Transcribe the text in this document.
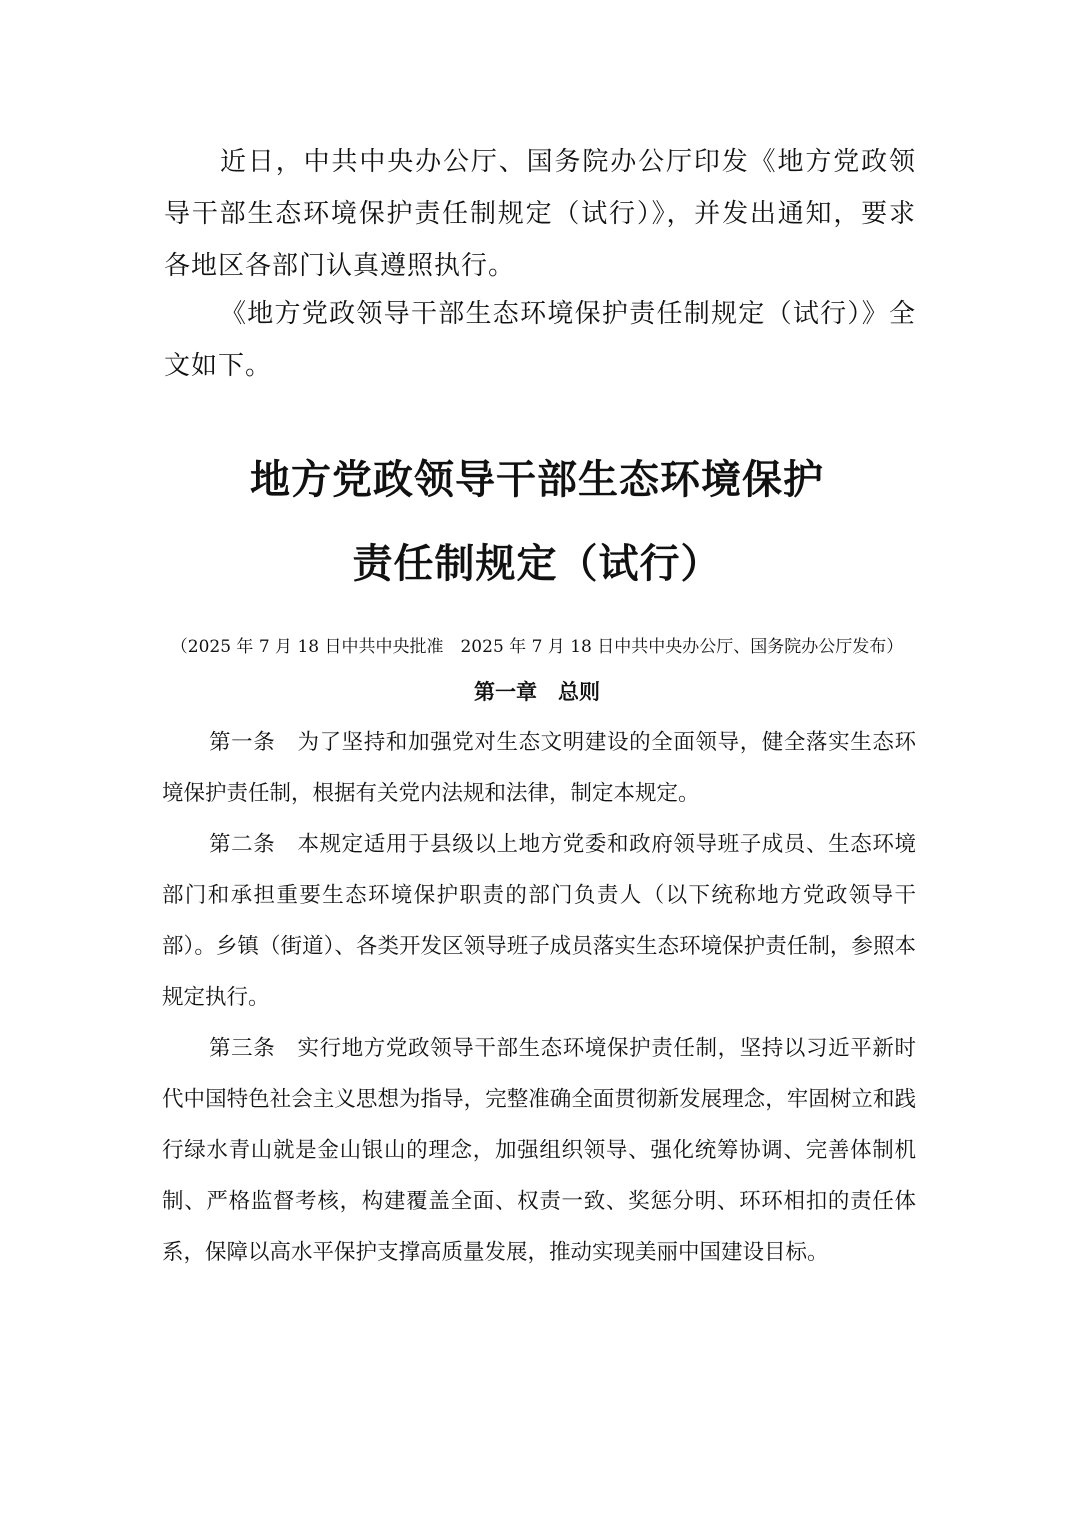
近日，中共中央办公厅、国务院办公厅印发《地方党政领导干部生态环境保护责任制规定（试行）》，并发出通知，要求各地区各部门认真遵照执行。

《地方党政领导干部生态环境保护责任制规定（试行）》全文如下。

地方党政领导干部生态环境保护
责任制规定（试行）

（2025 年 7 月 18 日中共中央批准　2025 年 7 月 18 日中共中央办公厅、国务院办公厅发布）

第一章　总则

第一条　为了坚持和加强党对生态文明建设的全面领导，健全落实生态环境保护责任制，根据有关党内法规和法律，制定本规定。

第二条　本规定适用于县级以上地方党委和政府领导班子成员、生态环境部门和承担重要生态环境保护职责的部门负责人（以下统称地方党政领导干部）。乡镇（街道）、各类开发区领导班子成员落实生态环境保护责任制，参照本规定执行。

第三条　实行地方党政领导干部生态环境保护责任制，坚持以习近平新时代中国特色社会主义思想为指导，完整准确全面贯彻新发展理念，牢固树立和践行绿水青山就是金山银山的理念，加强组织领导、强化统筹协调、完善体制机制、严格监督考核，构建覆盖全面、权责一致、奖惩分明、环环相扣的责任体系，保障以高水平保护支撑高质量发展，推动实现美丽中国建设目标。
